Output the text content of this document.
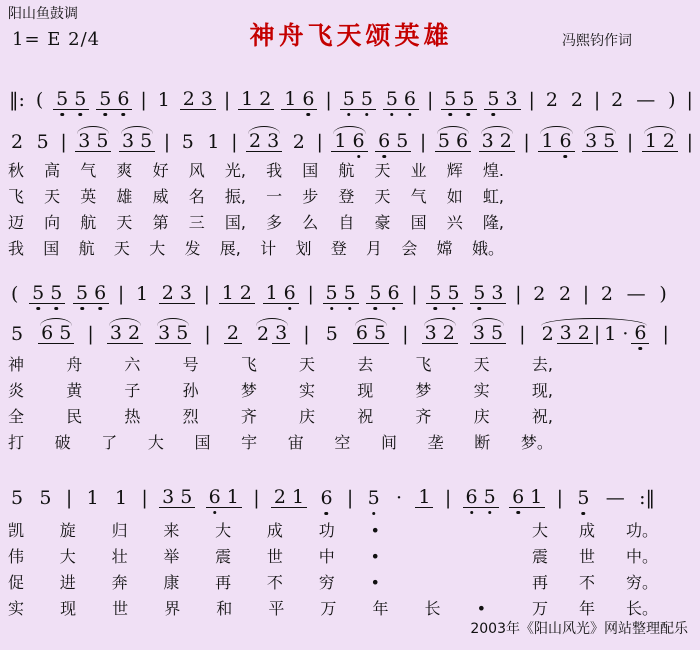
阳山鱼鼓调
1= E 2/4	神舟飞天颂英雄	冯熙钧作词
‖: ( 5 5 5 6 | 1 2 3 | 1 2 1 6 | 5 5 5 6 | 5 5 5 3 | 2 2 | 2 — ) |
2 5 | 3 5 3 5 | 5 1 | 2 3 2 | 1 6 6 5 | 5 6 3 2 | 1 6 3 5 | 1 2 |
秋 高 气 爽 好 风 光, 我 国 航 天 业 辉 煌.
飞 天 英 雄 威 名 振, 一 步 登 天 气 如 虹,
迈 向 航 天 第 三 国, 多 么 自 豪 国 兴 隆,
我 国 航 天 大 发 展, 计 划 登 月 会 嫦 娥。
( 5 5 5 6 | 1 2 3 | 1 2 1 6 | 5 5 5 6 | 5 5 5 3 | 2 2 | 2 — )
5 6 5 | 3 2 3 5 | 2 2 3 | 5 6 5 | 3 2 3 5 | 2 3 2 | 1 · 6 |
神	舟	六	号	飞	天	去	飞	天	去,
炎	黄	子	孙	梦	实	现	梦	实	现,
全	民	热	烈	齐	庆	祝	齐	庆	祝,
打 破 了 大 国 宇 宙 空 间 垄 断 梦。
5 5 | 1 1 | 3 5 6 1 | 2 1 6 | 5 · 1 | 6 5 6 1 | 5 — :‖
凯 旋 归 来 大 成 功 •	大 成 功。
伟 大 壮 举 震 世 中 •	震 世 中。
促 进 奔 康 再 不 穷 •	再 不 穷。
实 现 世 界 和 平 万 年 长 •	万 年 长。
2003年《阳山风光》网站整理配乐
